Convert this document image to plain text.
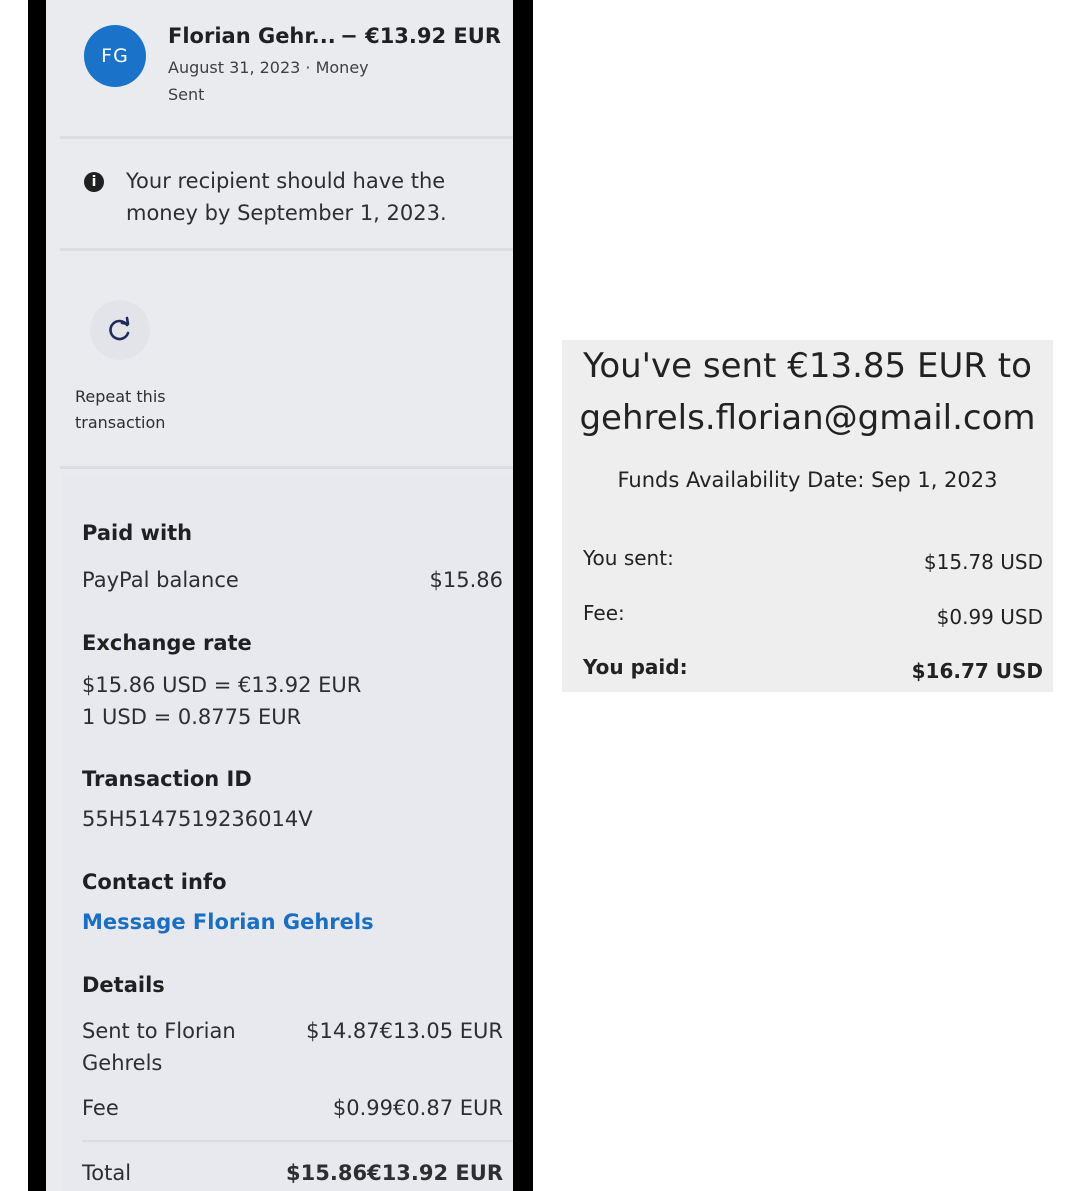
FG
Florian Gehr... − €13.92 EUR
August 31, 2023 · Money Sent
i	Your recipient should have the money by September 1, 2023.
Repeat this transaction
Paid with
PayPal balance	$15.86
Exchange rate
$15.86 USD = €13.92 EUR
1 USD = 0.8775 EUR
Transaction ID
55H5147519236014V
Contact info
Message Florian Gehrels
Details
Sent to Florian Gehrels
$14.87€13.05 EUR
Fee	$0.99€0.87 EUR
Total	$15.86€13.92 EUR
You've sent €13.85 EUR to
gehrels.florian@gmail.com
Funds Availability Date: Sep 1, 2023
You sent:	$15.78 USD
Fee:	$0.99 USD
You paid:	$16.77 USD
